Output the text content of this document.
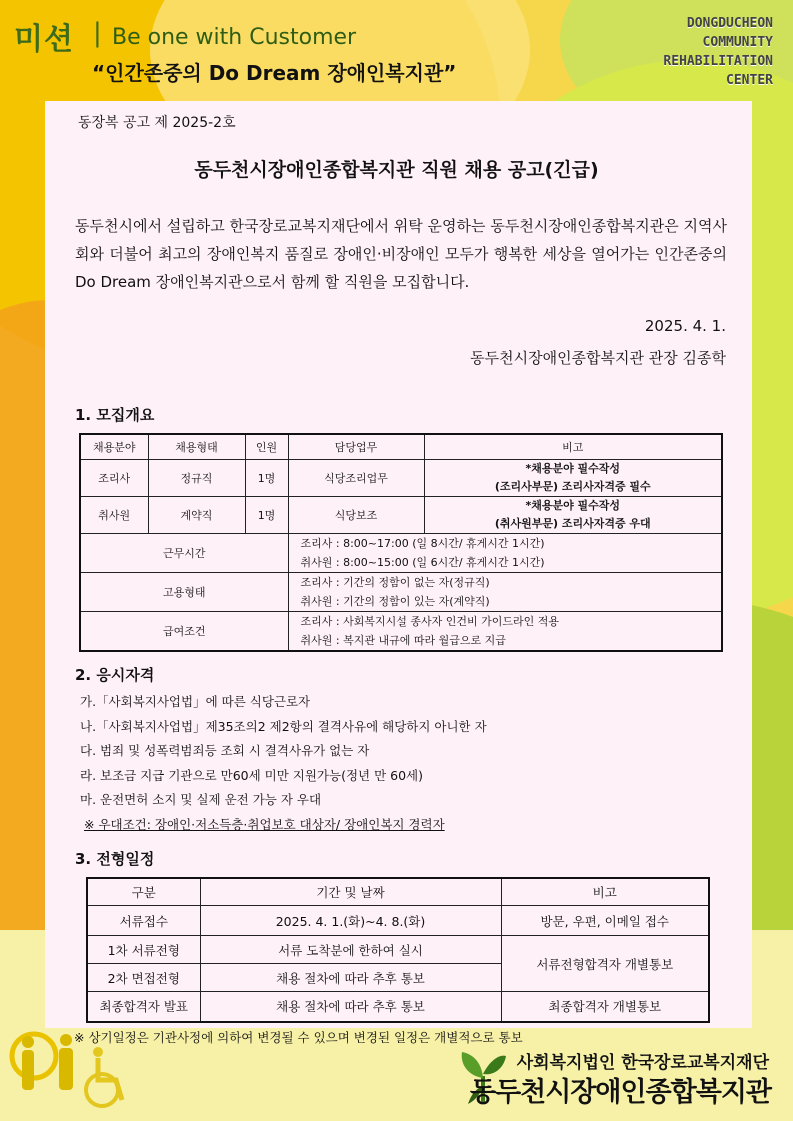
미션 | Be one with Customer
“인간존중의 Do Dream 장애인복지관”
DONGDUCHEON
COMMUNITY
REHABILITATION
CENTER
동장복 공고 제 2025-2호
동두천시장애인종합복지관 직원 채용 공고(긴급)
동두천시에서 설립하고 한국장로교복지재단에서 위탁 운영하는 동두천시장애인종합복지관은 지역사회와 더불어 최고의 장애인복지 품질로 장애인·비장애인 모두가 행복한 세상을 열어가는 인간존중의 Do Dream 장애인복지관으로서 함께 할 직원을 모집합니다.
2025. 4. 1.
동두천시장애인종합복지관 관장 김종학
1. 모집개요
채용분야	채용형태	인원	담당업무	비고
조리사	정규직	1명	식당조리업무	*채용분야 필수작성
(조리사부문) 조리사자격증 필수

취사원	계약직	1명	식당보조	*채용분야 필수작성
(취사원부문) 조리사자격증 우대

근무시간			조리사 : 8:00~17:00 (일 8시간/ 휴게시간 1시간)
취사원 : 8:00~15:00 (일 6시간/ 휴게시간 1시간)	

고용형태			조리사 : 기간의 정함이 없는 자(정규직)
취사원 : 기간의 정함이 있는 자(계약직)	

급여조건			조리사 : 사회복지시설 종사자 인건비 가이드라인 적용
취사원 : 복지관 내규에 따라 월급으로 지급	
2. 응시자격
가.「사회복지사업법」에 따른 식당근로자
나.「사회복지사업법」제35조의2 제2항의 결격사유에 해당하지 아니한 자
다. 범죄 및 성폭력범죄등 조회 시 결격사유가 없는 자
라. 보조금 지급 기관으로 만60세 미만 지원가능(정년 만 60세)
마. 운전면허 소지 및 실제 운전 가능 자 우대
※ 우대조건: 장애인·저소득층·취업보호 대상자/ 장애인복지 경력자
3. 전형일정
구분	기간 및 날짜	비고
서류접수	2025. 4. 1.(화)~4. 8.(화)	방문, 우편, 이메일 접수
1차 서류전형	서류 도착분에 한하여 실시	서류전형합격자 개별통보
2차 면접전형	채용 절차에 따라 추후 통보	
최종합격자 발표	채용 절차에 따라 추후 통보	최종합격자 개별통보
※ 상기일정은 기관사정에 의하여 변경될 수 있으며 변경된 일정은 개별적으로 통보
사회복지법인 한국장로교복지재단
동두천시장애인종합복지관
